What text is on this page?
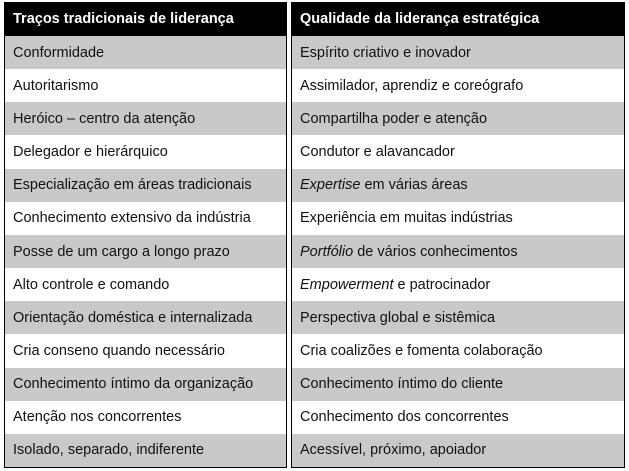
Traços tradicionais de liderança
Conformidade
Autoritarismo
Heróico – centro da atenção
Delegador e hierárquico
Especialização em áreas tradicionais
Conhecimento extensivo da indústria
Posse de um cargo a longo prazo
Alto controle e comando
Orientação doméstica e internalizada
Cria conseno quando necessário
Conhecimento íntimo da organização
Atenção nos concorrentes
Isolado, separado, indiferente
Qualidade da liderança estratégica
Espírito criativo e inovador
Assimilador, aprendiz e coreógrafo
Compartilha poder e atenção
Condutor e alavancador
Expertise em várias áreas
Experiência em muitas indústrias
Portfólio de vários conhecimentos
Empowerment e patrocinador
Perspectiva global e sistêmica
Cria coalizões e fomenta colaboração
Conhecimento íntimo do cliente
Conhecimento dos concorrentes
Acessível, próximo, apoiador
